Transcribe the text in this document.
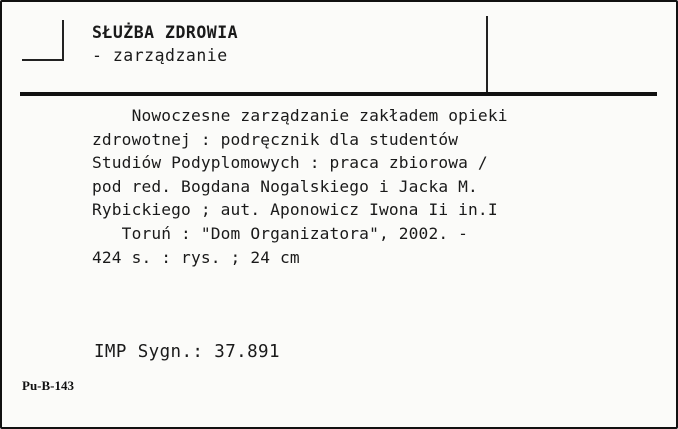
SŁUŻBA ZDROWIA
- zarządzanie
Nowoczesne zarządzanie zakładem opieki
zdrowotnej : podręcznik dla studentów
Studiów Podyplomowych : praca zbiorowa /
pod red. Bogdana Nogalskiego i Jacka M.
Rybickiego ; aut. Aponowicz Iwona Ii in.I
Toruń : "Dom Organizatora", 2002. -
424 s. : rys. ; 24 cm
IMP Sygn.: 37.891
Pu-B-143
